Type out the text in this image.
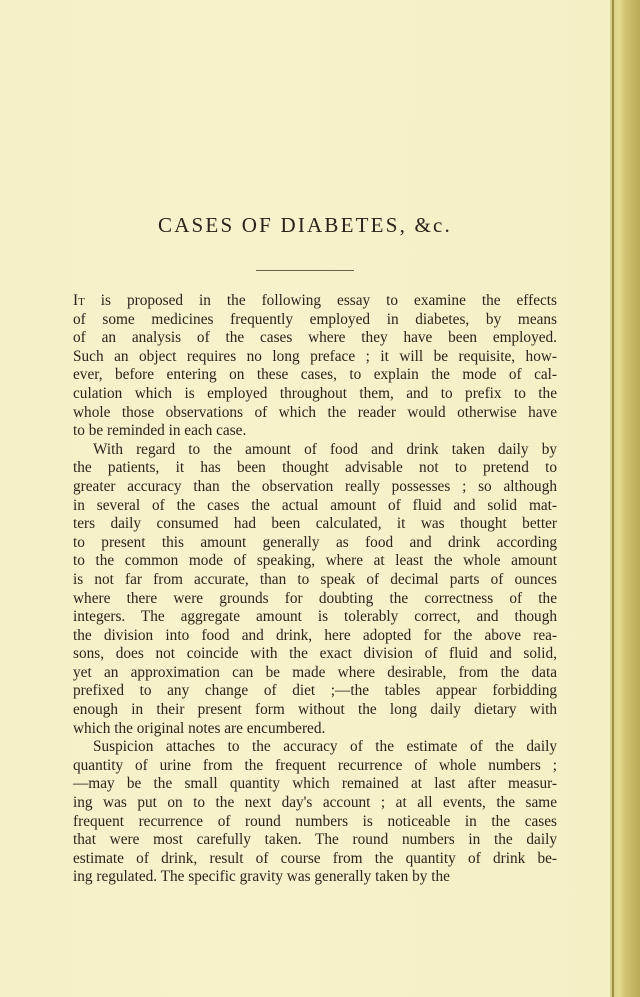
CASES OF DIABETES, &c.
It is proposed in the following essay to examine the effects
of some medicines frequently employed in diabetes, by means
of an analysis of the cases where they have been employed.
Such an object requires no long preface ; it will be requisite, how-
ever, before entering on these cases, to explain the mode of cal-
culation which is employed throughout them, and to prefix to the
whole those observations of which the reader would otherwise have
to be reminded in each case.
With regard to the amount of food and drink taken daily by
the patients, it has been thought advisable not to pretend to
greater accuracy than the observation really possesses ; so although
in several of the cases the actual amount of fluid and solid mat-
ters daily consumed had been calculated, it was thought better
to present this amount generally as food and drink according
to the common mode of speaking, where at least the whole amount
is not far from accurate, than to speak of decimal parts of ounces
where there were grounds for doubting the correctness of the
integers. The aggregate amount is tolerably correct, and though
the division into food and drink, here adopted for the above rea-
sons, does not coincide with the exact division of fluid and solid,
yet an approximation can be made where desirable, from the data
prefixed to any change of diet ;—the tables appear forbidding
enough in their present form without the long daily dietary with
which the original notes are encumbered.
Suspicion attaches to the accuracy of the estimate of the daily
quantity of urine from the frequent recurrence of whole numbers ;
—may be the small quantity which remained at last after measur-
ing was put on to the next day's account ; at all events, the same
frequent recurrence of round numbers is noticeable in the cases
that were most carefully taken. The round numbers in the daily
estimate of drink, result of course from the quantity of drink be-
ing regulated. The specific gravity was generally taken by the
